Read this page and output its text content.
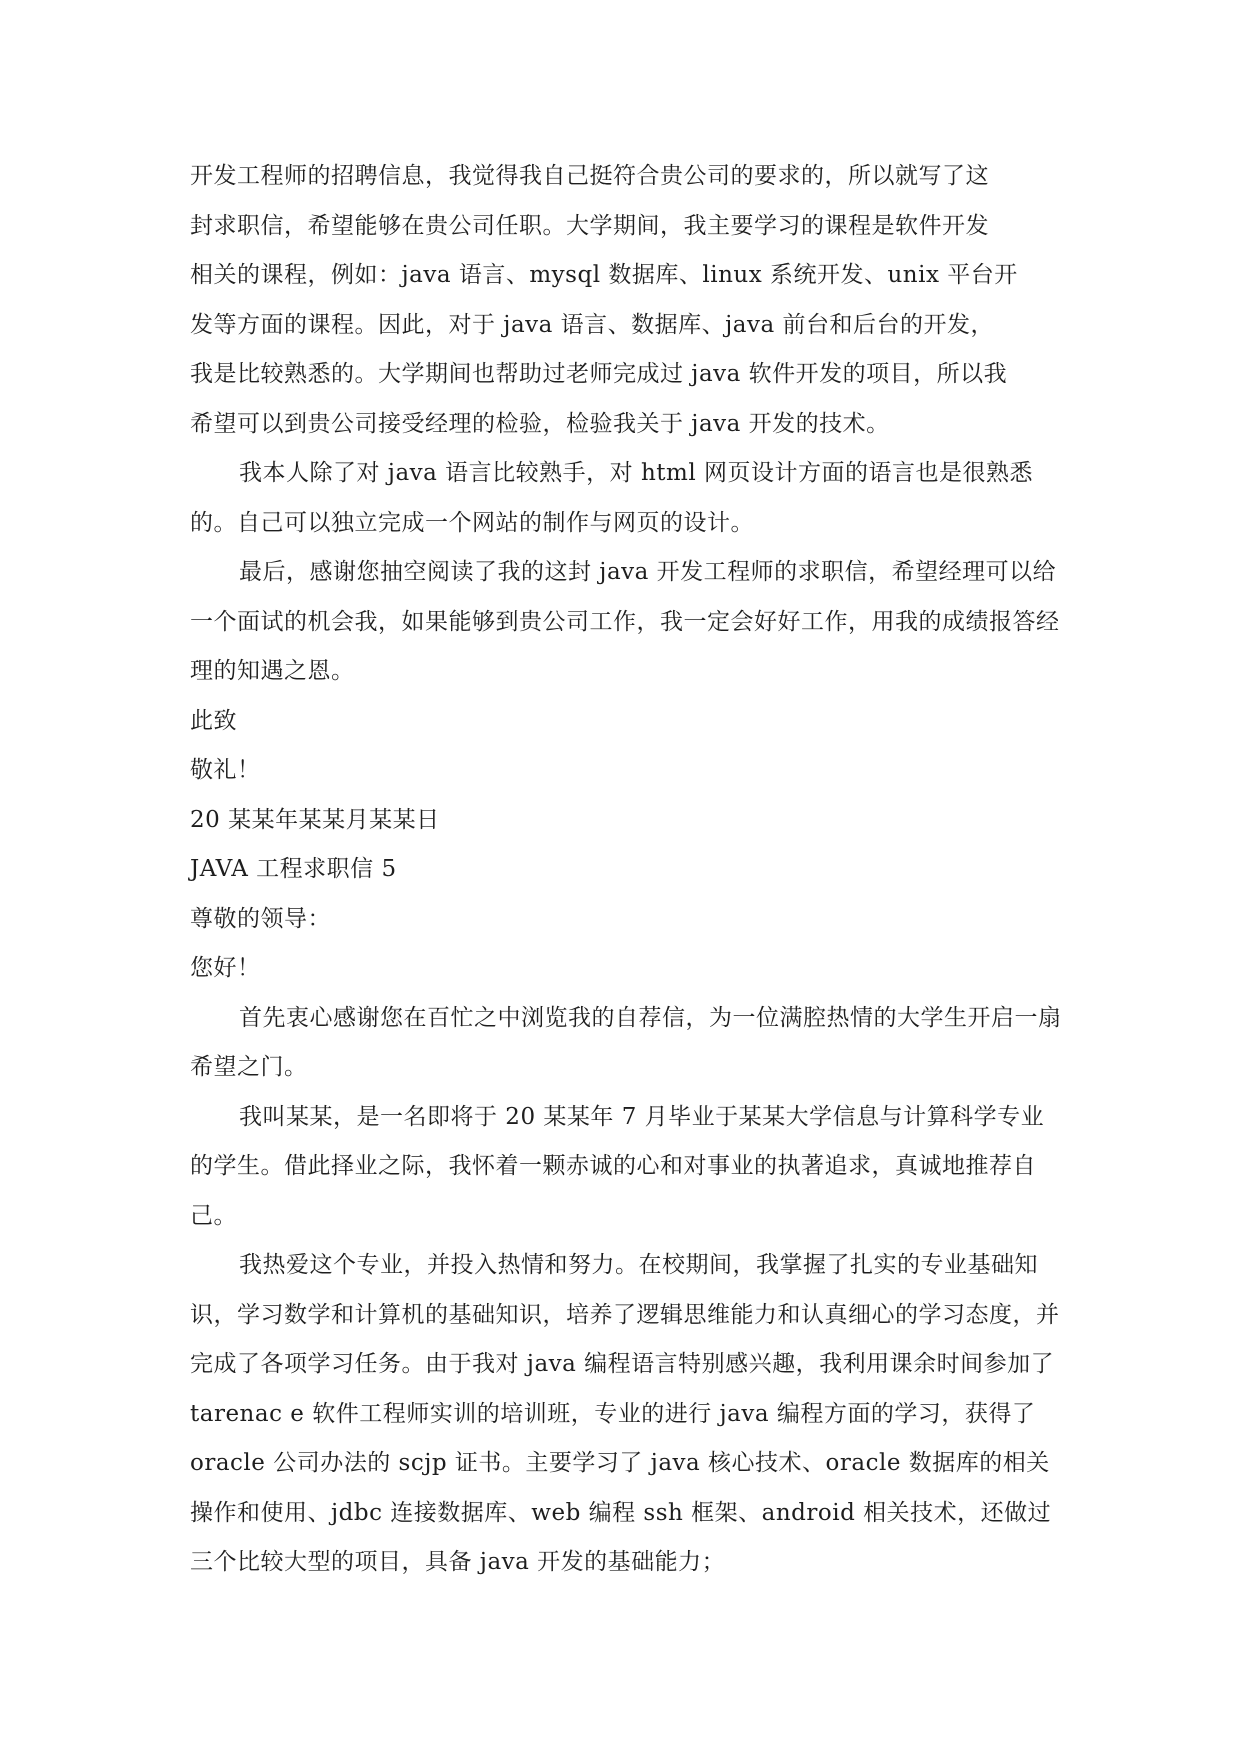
开发工程师的招聘信息，我觉得我自己挺符合贵公司的要求的，所以就写了这

封求职信，希望能够在贵公司任职。大学期间，我主要学习的课程是软件开发

相关的课程，例如：java 语言、mysql 数据库、linux 系统开发、unix 平台开

发等方面的课程。因此，对于 java 语言、数据库、java 前台和后台的开发，

我是比较熟悉的。大学期间也帮助过老师完成过 java 软件开发的项目，所以我

希望可以到贵公司接受经理的检验，检验我关于 java 开发的技术。

我本人除了对 java 语言比较熟手，对 html 网页设计方面的语言也是很熟悉的。自己可以独立完成一个网站的制作与网页的设计。

最后，感谢您抽空阅读了我的这封 java 开发工程师的求职信，希望经理可以给一个面试的机会我，如果能够到贵公司工作，我一定会好好工作，用我的成绩报答经理的知遇之恩。

此致

敬礼！

20 某某年某某月某某日

JAVA 工程求职信 5

尊敬的领导：

您好！

首先衷心感谢您在百忙之中浏览我的自荐信，为一位满腔热情的大学生开启一扇希望之门。

我叫某某，是一名即将于 20 某某年 7 月毕业于某某大学信息与计算科学专业的学生。借此择业之际，我怀着一颗赤诚的心和对事业的执著追求，真诚地推荐自己。

我热爱这个专业，并投入热情和努力。在校期间，我掌握了扎实的专业基础知识，学习数学和计算机的基础知识，培养了逻辑思维能力和认真细心的学习态度，并完成了各项学习任务。由于我对 java 编程语言特别感兴趣，我利用课余时间参加了 tarenac e 软件工程师实训的培训班，专业的进行 java 编程方面的学习，获得了 oracle 公司办法的 scjp 证书。主要学习了 java 核心技术、oracle 数据库的相关操作和使用、jdbc 连接数据库、web 编程 ssh 框架、android 相关技术，还做过三个比较大型的项目，具备 java 开发的基础能力；
